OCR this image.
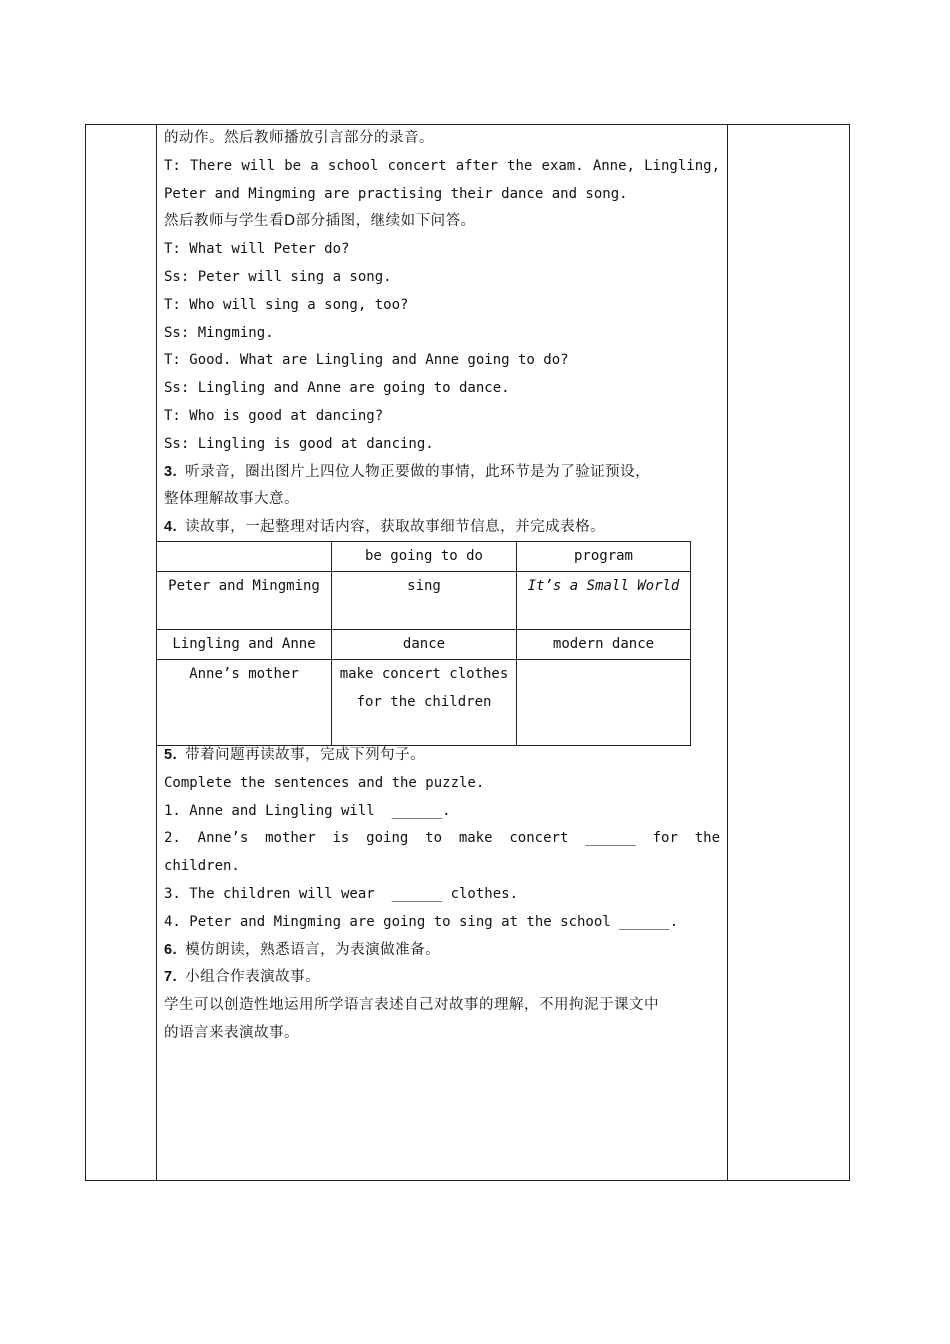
的动作。然后教师播放引言部分的录音。
T: There will be a school concert after the exam. Anne, Lingling,
Peter and Mingming are practising their dance and song.
然后教师与学生看D部分插图，继续如下问答。
T: What will Peter do?
Ss: Peter will sing a song.
T: Who will sing a song, too?
Ss: Mingming.
T: Good. What are Lingling and Anne going to do?
Ss: Lingling and Anne are going to dance.
T: Who is good at dancing?
Ss: Lingling is good at dancing.
3. 听录音，圈出图片上四位人物正要做的事情，此环节是为了验证预设，
整体理解故事大意。
4. 读故事，一起整理对话内容，获取故事细节信息，并完成表格。
	be going to do	program
Peter and Mingming	sing	It’s a Small World
Lingling and Anne	dance	modern dance
Anne’s mother	make concert clothes for the children	
5. 带着问题再读故事，完成下列句子。
Complete the sentences and the puzzle.
1. Anne and Lingling will  ______.
2. Anne’s mother is going to make concert ______ for the
children.
3. The children will wear  ______ clothes.
4. Peter and Mingming are going to sing at the school ______.
6. 模仿朗读，熟悉语言，为表演做准备。
7. 小组合作表演故事。
学生可以创造性地运用所学语言表述自己对故事的理解，不用拘泥于课文中
的语言来表演故事。
